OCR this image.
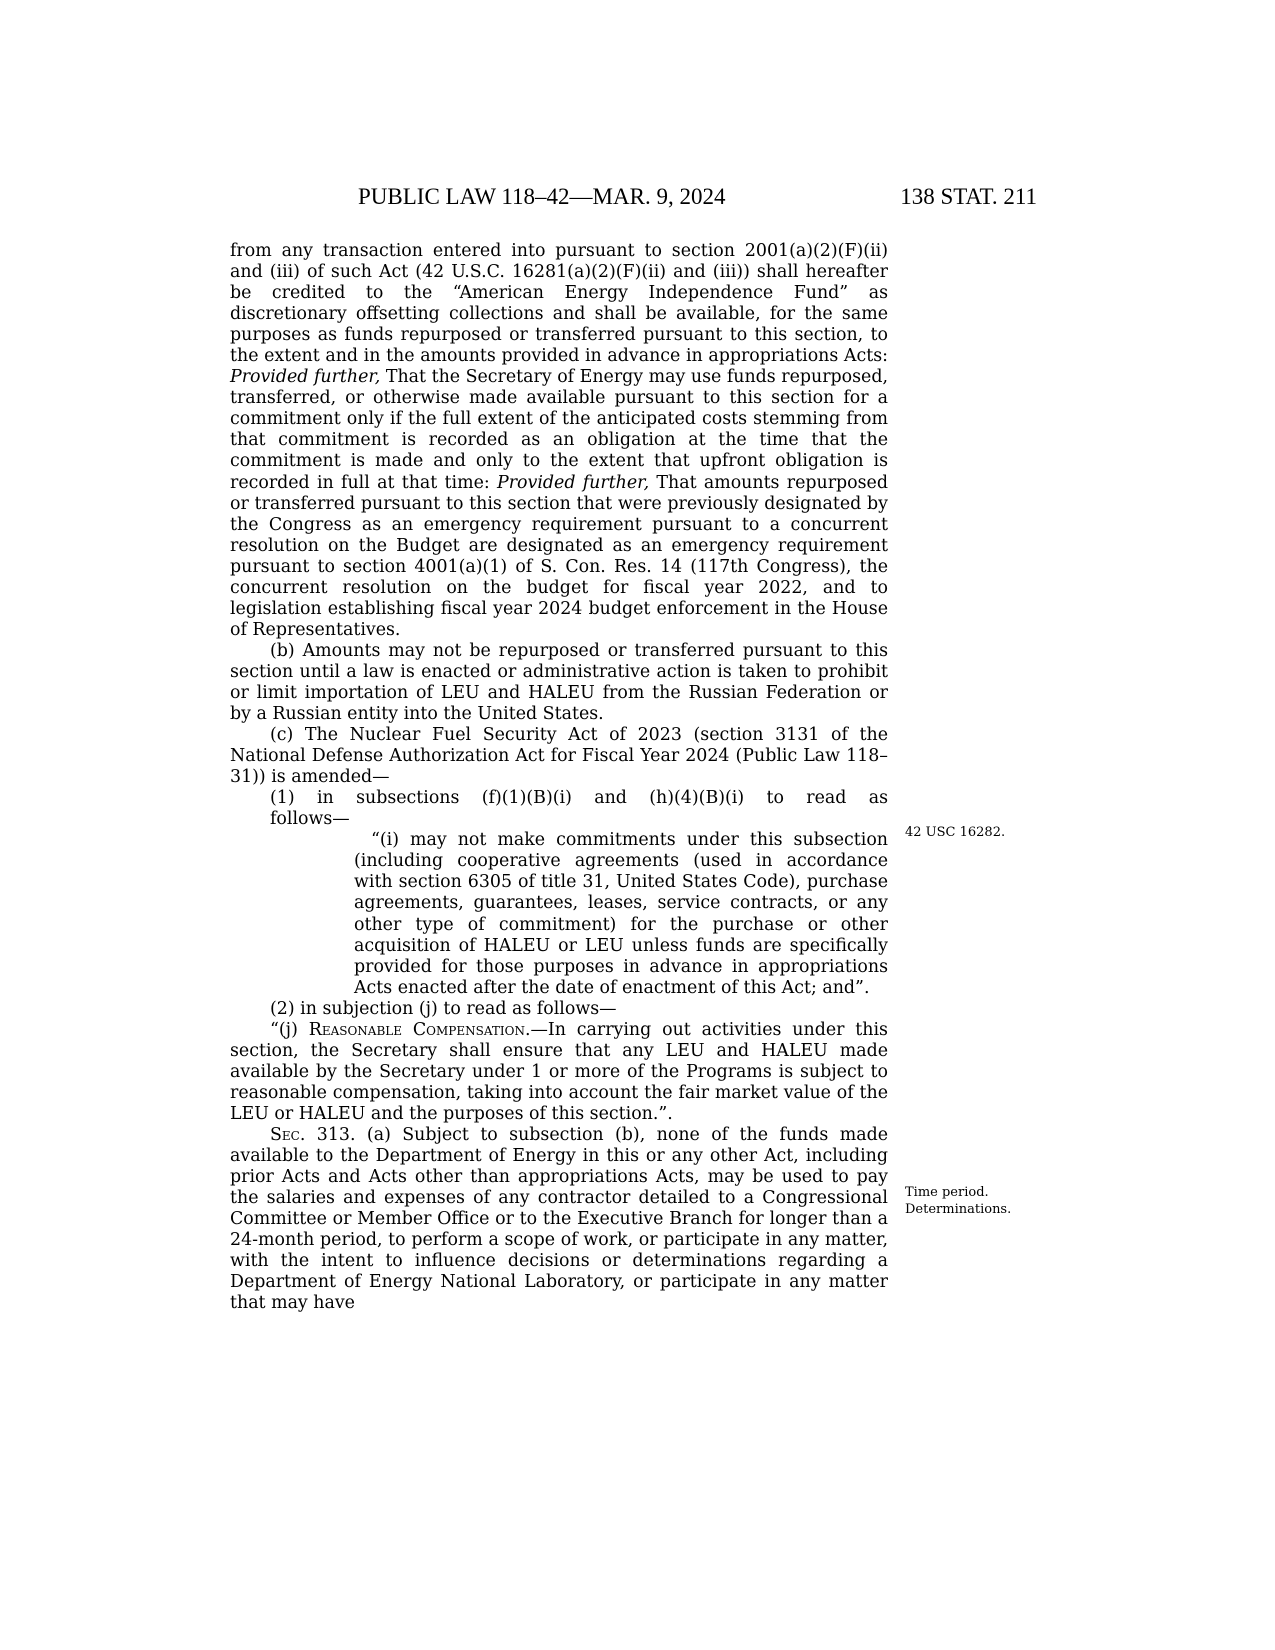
PUBLIC LAW 118–42—MAR. 9, 2024	138 STAT. 211

from any transaction entered into pursuant to section 2001(a)(2)(F)(ii) and (iii) of such Act (42 U.S.C. 16281(a)(2)(F)(ii) and (iii)) shall hereafter be credited to the “American Energy Independence Fund” as discretionary offsetting collections and shall be available, for the same purposes as funds repurposed or transferred pursuant to this section, to the extent and in the amounts provided in advance in appropriations Acts: Provided further, That the Secretary of Energy may use funds repurposed, transferred, or otherwise made available pursuant to this section for a commitment only if the full extent of the anticipated costs stemming from that commitment is recorded as an obligation at the time that the commitment is made and only to the extent that upfront obligation is recorded in full at that time: Provided further, That amounts repurposed or transferred pursuant to this section that were previously designated by the Congress as an emergency requirement pursuant to a concurrent resolution on the Budget are designated as an emergency requirement pursuant to section 4001(a)(1) of S. Con. Res. 14 (117th Congress), the concurrent resolution on the budget for fiscal year 2022, and to legislation establishing fiscal year 2024 budget enforcement in the House of Representatives.

(b) Amounts may not be repurposed or transferred pursuant to this section until a law is enacted or administrative action is taken to prohibit or limit importation of LEU and HALEU from the Russian Federation or by a Russian entity into the United States.

(c) The Nuclear Fuel Security Act of 2023 (section 3131 of the National Defense Authorization Act for Fiscal Year 2024 (Public Law 118–31)) is amended—

(1) in subsections (f)(1)(B)(i) and (h)(4)(B)(i) to read as

follows—

“(i) may not make commitments under this subsection (including cooperative agreements (used in accordance with section 6305 of title 31, United States Code), purchase agreements, guarantees, leases, service contracts, or any other type of commitment) for the purchase or other acquisition of HALEU or LEU unless funds are specifically provided for those purposes in advance in appropriations Acts enacted after the date of enactment of this Act; and”.

(2) in subjection (j) to read as follows—

“(j) Reasonable Compensation.—In carrying out activities under this section, the Secretary shall ensure that any LEU and HALEU made available by the Secretary under 1 or more of the Programs is subject to reasonable compensation, taking into account the fair market value of the LEU or HALEU and the purposes of this section.”.

Sec. 313. (a) Subject to subsection (b), none of the funds made available to the Department of Energy in this or any other Act, including prior Acts and Acts other than appropriations Acts, may be used to pay the salaries and expenses of any contractor detailed to a Congressional Committee or Member Office or to the Executive Branch for longer than a 24-month period, to perform a scope of work, or participate in any matter, with the intent to influence decisions or determinations regarding a Department of Energy National Laboratory, or participate in any matter that may have

42 USC 16282.
Time period.
Determinations.
